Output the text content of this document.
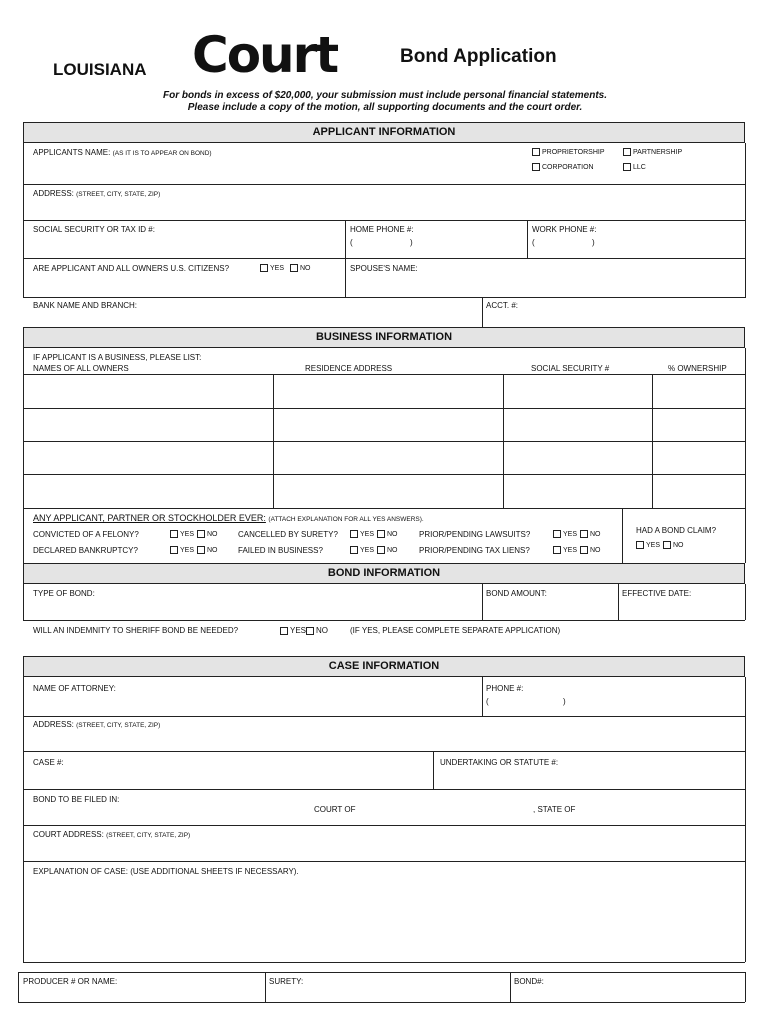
LOUISIANA Court	Bond Application
For bonds in excess of $20,000, your submission must include personal financial statements.
Please include a copy of the motion, all supporting documents and the court order.
APPLICANT INFORMATION
APPLICANTS NAME: (AS IT IS TO APPEAR ON BOND)	PROPRIETORSHIP	PARTNERSHIP
CORPORATION	LLC
ADDRESS: (STREET, CITY, STATE, ZIP)
SOCIAL SECURITY OR TAX ID #:	HOME PHONE #:
(	)
WORK PHONE #:
(	)
ARE APPLICANT AND ALL OWNERS U.S. CITIZENS?	YES	NO	SPOUSE'S NAME:
BANK NAME AND BRANCH:	ACCT. #:
BUSINESS INFORMATION
IF APPLICANT IS A BUSINESS, PLEASE LIST:
NAMES OF ALL OWNERS	RESIDENCE ADDRESS	SOCIAL SECURITY #	% OWNERSHIP
ANY APPLICANT, PARTNER OR STOCKHOLDER EVER: (ATTACH EXPLANATION FOR ALL YES ANSWERS).
CONVICTED OF A FELONY?	YES	NO	CANCELLED BY SURETY?	YES	NO	PRIOR/PENDING LAWSUITS?	YES	NO	HAD A BOND CLAIM?
YES	NO
DECLARED BANKRUPTCY?	YES	NO	FAILED IN BUSINESS?	YES	NO	PRIOR/PENDING TAX LIENS?	YES	NO
BOND INFORMATION
TYPE OF BOND:	BOND AMOUNT:	EFFECTIVE DATE:
WILL AN INDEMNITY TO SHERIFF BOND BE NEEDED?	YES	NO	(IF YES, PLEASE COMPLETE SEPARATE APPLICATION)
CASE INFORMATION
NAME OF ATTORNEY:	PHONE #:
(	)
ADDRESS: (STREET, CITY, STATE, ZIP)
CASE #:	UNDERTAKING OR STATUTE #:
BOND TO BE FILED IN:
COURT OF	, STATE OF
COURT ADDRESS: (STREET, CITY, STATE, ZIP)
EXPLANATION OF CASE: (USE ADDITIONAL SHEETS IF NECESSARY).
PRODUCER # OR NAME:	SURETY:	BOND#:
